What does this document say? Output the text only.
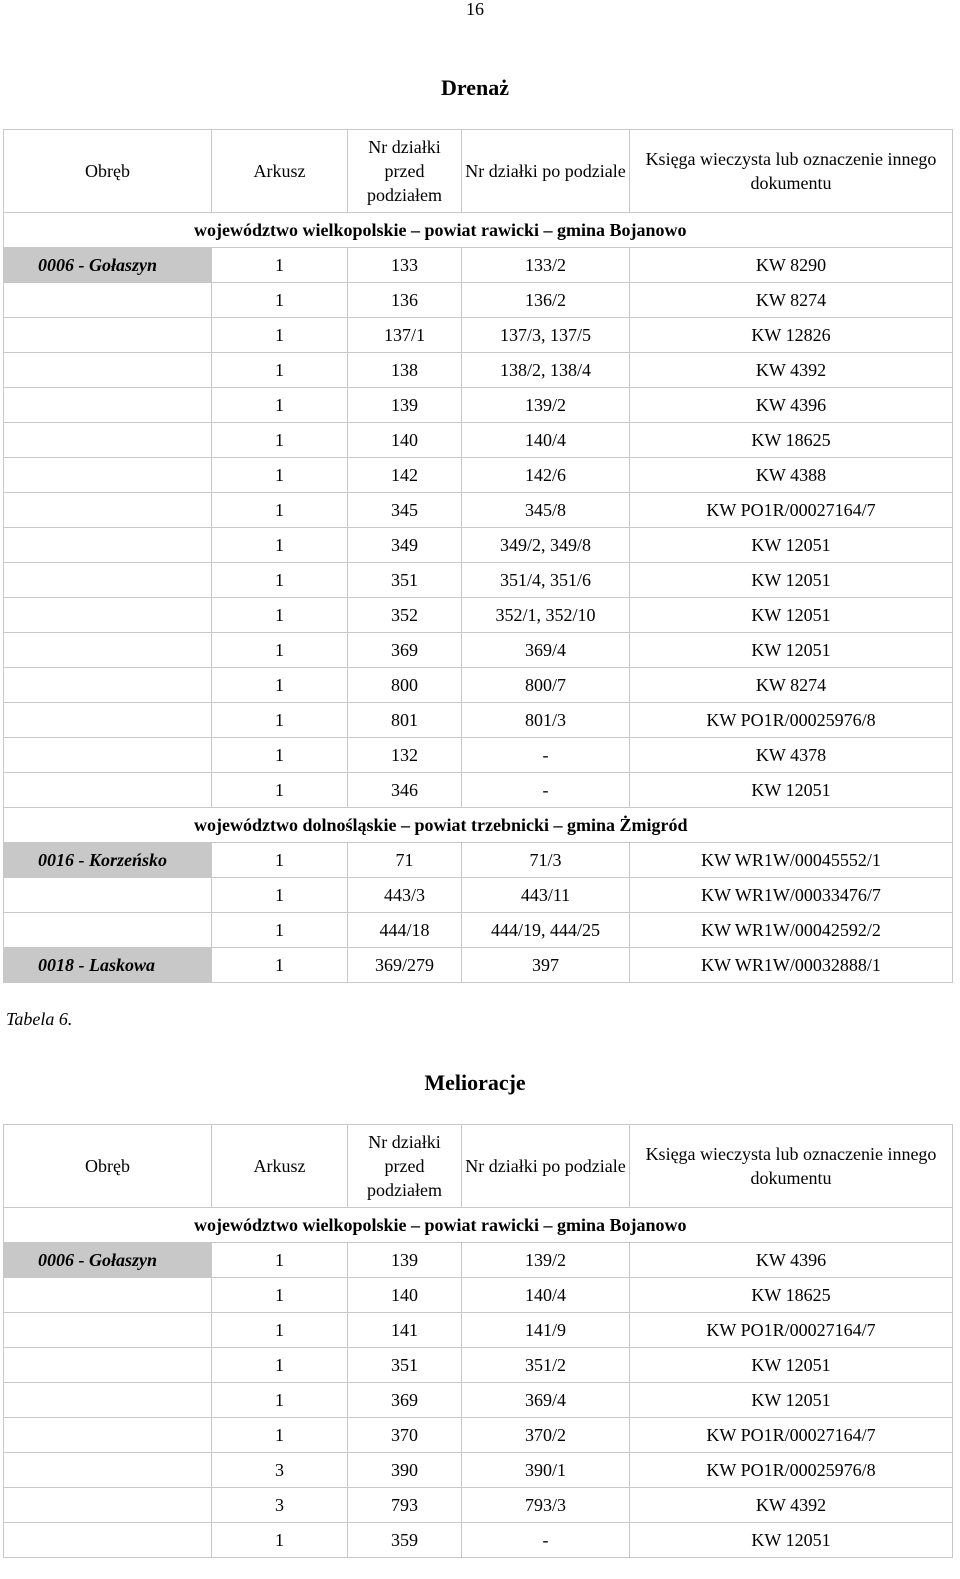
16
Drenaż
Obręb	Arkusz	Nr działki przed podziałem	Nr działki po podziale	Księga wieczysta lub oznaczenie innego dokumentu
województwo wielkopolskie – powiat rawicki – gmina Bojanowo				
0006 - Gołaszyn	1	133	133/2	KW 8290
	1	136	136/2	KW 8274
	1	137/1	137/3, 137/5	KW 12826
	1	138	138/2, 138/4	KW 4392
	1	139	139/2	KW 4396
	1	140	140/4	KW 18625
	1	142	142/6	KW 4388
	1	345	345/8	KW PO1R/00027164/7
	1	349	349/2, 349/8	KW 12051
	1	351	351/4, 351/6	KW 12051
	1	352	352/1, 352/10	KW 12051
	1	369	369/4	KW 12051
	1	800	800/7	KW 8274
	1	801	801/3	KW PO1R/00025976/8
	1	132	-	KW 4378
	1	346	-	KW 12051
województwo dolnośląskie – powiat trzebnicki – gmina Żmigród				
0016 - Korzeńsko	1	71	71/3	KW WR1W/00045552/1
	1	443/3	443/11	KW WR1W/00033476/7
	1	444/18	444/19, 444/25	KW WR1W/00042592/2
0018 - Laskowa	1	369/279	397	KW WR1W/00032888/1
Tabela 6.
Melioracje
Obręb	Arkusz	Nr działki przed podziałem	Nr działki po podziale	Księga wieczysta lub oznaczenie innego dokumentu
województwo wielkopolskie – powiat rawicki – gmina Bojanowo				
0006 - Gołaszyn	1	139	139/2	KW 4396
	1	140	140/4	KW 18625
	1	141	141/9	KW PO1R/00027164/7
	1	351	351/2	KW 12051
	1	369	369/4	KW 12051
	1	370	370/2	KW PO1R/00027164/7
	3	390	390/1	KW PO1R/00025976/8
	3	793	793/3	KW 4392
	1	359	-	KW 12051
